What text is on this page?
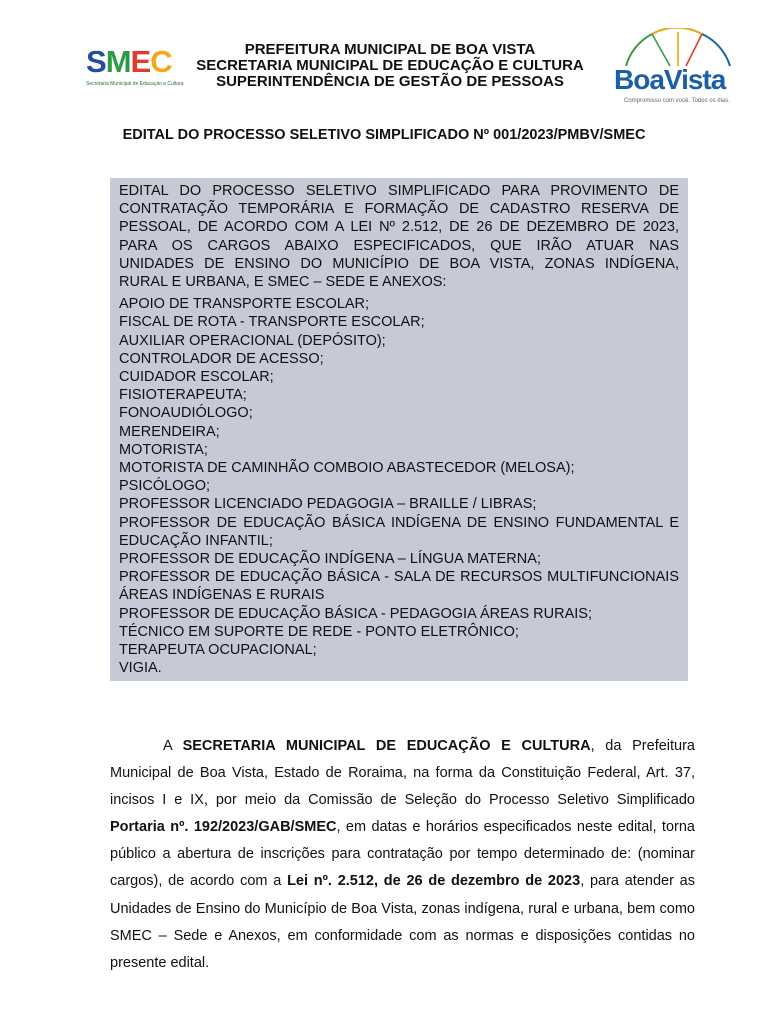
SMEC
Secretaria Municipal de Educação e Cultura
PREFEITURA MUNICIPAL DE BOA VISTA
SECRETARIA MUNICIPAL DE EDUCAÇÃO E CULTURA
SUPERINTENDÊNCIA DE GESTÃO DE PESSOAS	BoaVista
Compromisso com você. Todos os dias.
EDITAL DO PROCESSO SELETIVO SIMPLIFICADO Nº 001/2023/PMBV/SMEC
EDITAL DO PROCESSO SELETIVO SIMPLIFICADO PARA PROVIMENTO DE
CONTRATAÇÃO TEMPORÁRIA E FORMAÇÃO DE CADASTRO RESERVA DE
PESSOAL, DE ACORDO COM A LEI Nº 2.512, DE 26 DE DEZEMBRO DE 2023,
PARA OS CARGOS ABAIXO ESPECIFICADOS, QUE IRÃO ATUAR NAS
UNIDADES DE ENSINO DO MUNICÍPIO DE BOA VISTA, ZONAS INDÍGENA,
RURAL E URBANA, E SMEC – SEDE E ANEXOS:
APOIO DE TRANSPORTE ESCOLAR;
FISCAL DE ROTA - TRANSPORTE ESCOLAR;
AUXILIAR OPERACIONAL (DEPÓSITO);
CONTROLADOR DE ACESSO;
CUIDADOR ESCOLAR;
FISIOTERAPEUTA;
FONOAUDIÓLOGO;
MERENDEIRA;
MOTORISTA;
MOTORISTA DE CAMINHÃO COMBOIO ABASTECEDOR (MELOSA);
PSICÓLOGO;
PROFESSOR LICENCIADO PEDAGOGIA – BRAILLE / LIBRAS;
PROFESSOR DE EDUCAÇÃO BÁSICA INDÍGENA DE ENSINO FUNDAMENTAL E EDUCAÇÃO INFANTIL;
PROFESSOR DE EDUCAÇÃO INDÍGENA – LÍNGUA MATERNA;
PROFESSOR DE EDUCAÇÃO BÁSICA - SALA DE RECURSOS MULTIFUNCIONAIS ÁREAS INDÍGENAS E RURAIS
PROFESSOR DE EDUCAÇÃO BÁSICA - PEDAGOGIA ÁREAS RURAIS;
TÉCNICO EM SUPORTE DE REDE - PONTO ELETRÔNICO;
TERAPEUTA OCUPACIONAL;
VIGIA.

A SECRETARIA MUNICIPAL DE EDUCAÇÃO E CULTURA, da Prefeitura Municipal de Boa Vista, Estado de Roraima, na forma da Constituição Federal, Art. 37, incisos I e IX, por meio da Comissão de Seleção do Processo Seletivo Simplificado Portaria nº. 192/2023/GAB/SMEC, em datas e horários especificados neste edital, torna público a abertura de inscrições para contratação por tempo determinado de: (nominar cargos), de acordo com a Lei nº. 2.512, de 26 de dezembro de 2023, para atender as Unidades de Ensino do Município de Boa Vista, zonas indígena, rural e urbana, bem como SMEC – Sede e Anexos, em conformidade com as normas e disposições contidas no presente edital.
